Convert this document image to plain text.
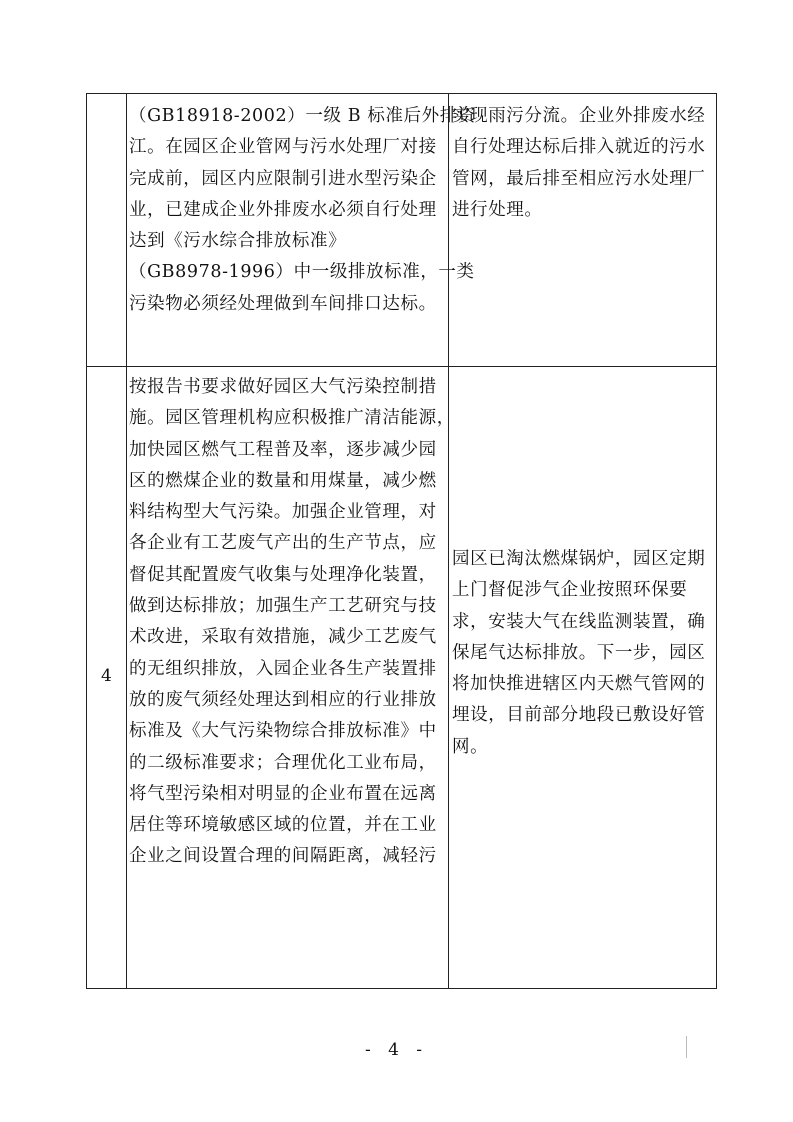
（GB18918-2002）一级 B 标准后外排资
江。在园区企业管网与污水处理厂对接
完成前，园区内应限制引进水型污染企
业，已建成企业外排废水必须自行处理
达到《污水综合排放标准》
（GB8978-1996）中一级排放标准，一类
污染物必须经处理做到车间排口达标。
实现雨污分流。企业外排废水经
自行处理达标后排入就近的污水
管网，最后排至相应污水处理厂
进行处理。
4
按报告书要求做好园区大气污染控制措
施。园区管理机构应积极推广清洁能源，
加快园区燃气工程普及率，逐步减少园
区的燃煤企业的数量和用煤量，减少燃
料结构型大气污染。加强企业管理，对
各企业有工艺废气产出的生产节点，应
督促其配置废气收集与处理净化装置，
做到达标排放；加强生产工艺研究与技
术改进，采取有效措施，减少工艺废气
的无组织排放，入园企业各生产装置排
放的废气须经处理达到相应的行业排放
标准及《大气污染物综合排放标准》中
的二级标准要求；合理优化工业布局，
将气型污染相对明显的企业布置在远离
居住等环境敏感区域的位置，并在工业
企业之间设置合理的间隔距离，减轻污
园区已淘汰燃煤锅炉，园区定期
上门督促涉气企业按照环保要
求，安装大气在线监测装置，确
保尾气达标排放。下一步，园区
将加快推进辖区内天燃气管网的
埋设，目前部分地段已敷设好管
网。
- 4 -
